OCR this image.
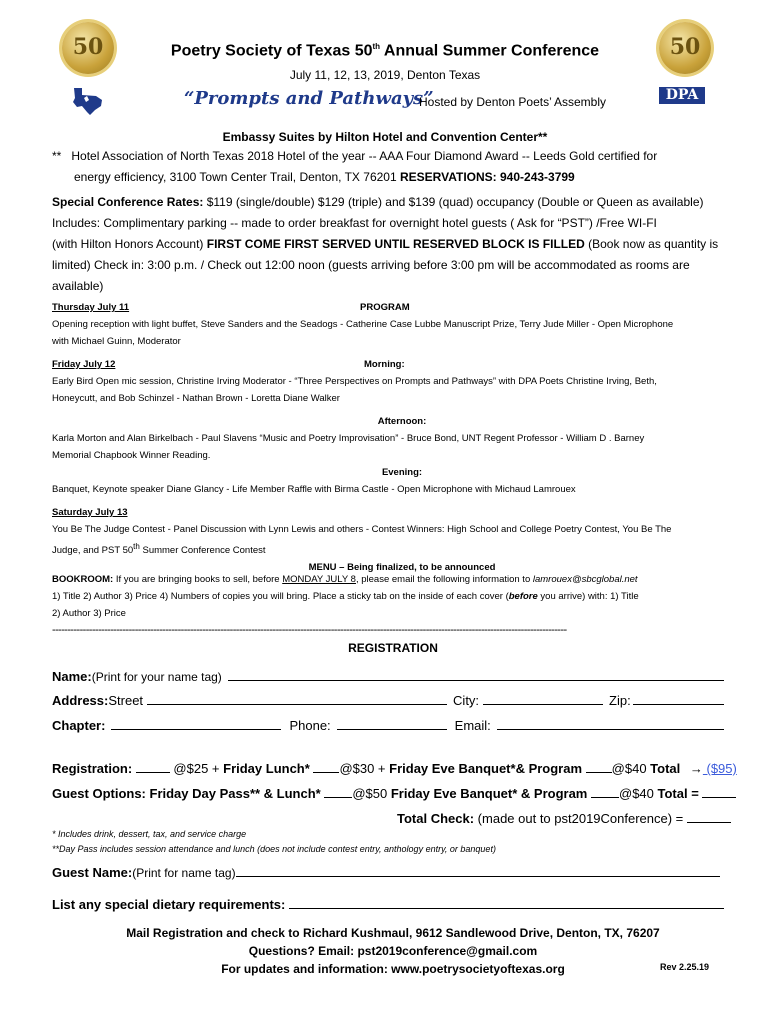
50	50
DPA
Poetry Society of Texas 50th Annual Summer Conference
July 11, 12, 13, 2019, Denton Texas
“Prompts and Pathways”
Hosted by Denton Poets’ Assembly
Embassy Suites by Hilton Hotel and Convention Center**
** Hotel Association of North Texas 2018 Hotel of the year -- AAA Four Diamond Award -- Leeds Gold certified for
energy efficiency, 3100 Town Center Trail, Denton, TX 76201 RESERVATIONS: 940-243-3799
Special Conference Rates: $119 (single/double) $129 (triple) and $139 (quad) occupancy (Double or Queen as available)
Includes: Complimentary parking -- made to order breakfast for overnight hotel guests ( Ask for “PST”) /Free WI-FI
(with Hilton Honors Account) FIRST COME FIRST SERVED UNTIL RESERVED BLOCK IS FILLED (Book now as quantity is
limited) Check in: 3:00 p.m. / Check out 12:00 noon (guests arriving before 3:00 pm will be accommodated as rooms are
available)
Thursday July 11	PROGRAM
Opening reception with light buffet, Steve Sanders and the Seadogs - Catherine Case Lubbe Manuscript Prize, Terry Jude Miller - Open Microphone
with Michael Guinn, Moderator
Friday July 12	Morning:
Early Bird Open mic session, Christine Irving Moderator - “Three Perspectives on Prompts and Pathways” with DPA Poets Christine Irving, Beth,
Honeycutt, and Bob Schinzel - Nathan Brown - Loretta Diane Walker
Afternoon:
Karla Morton and Alan Birkelbach - Paul Slavens “Music and Poetry Improvisation” - Bruce Bond, UNT Regent Professor - William D . Barney
Memorial Chapbook Winner Reading.
Evening:
Banquet, Keynote speaker Diane Glancy - Life Member Raffle with Birma Castle - Open Microphone with Michaud Lamrouex
Saturday July 13
You Be The Judge Contest - Panel Discussion with Lynn Lewis and others - Contest Winners: High School and College Poetry Contest, You Be The
Judge, and PST 50th Summer Conference Contest
MENU – Being finalized, to be announced
BOOKROOM: If you are bringing books to sell, before MONDAY JULY 8, please email the following information to lamrouex@sbcglobal.net
1) Title 2) Author 3) Price 4) Numbers of copies you will bring. Place a sticky tab on the inside of each cover (before you arrive) with: 1) Title
2) Author 3) Price
------------------------------------------------------------------------------------------------------------------------------------------------------------------------
REGISTRATION
Name: (Print for your name tag)
Address: Street	City:	Zip:
Chapter:	Phone:	Email:
Registration:	@$25 + Friday Lunch* @$30 + Friday Eve Banquet*& Program @$40 Total → ($95)
Guest Options: Friday Day Pass** & Lunch* @$50 Friday Eve Banquet* & Program @$40 Total =
Total Check: (made out to pst2019Conference) =
* Includes drink, dessert, tax, and service charge
**Day Pass includes session attendance and lunch (does not include contest entry, anthology entry, or banquet)
Guest Name: (Print for name tag)
List any special dietary requirements:
Mail Registration and check to Richard Kushmaul, 9612 Sandlewood Drive, Denton, TX, 76207
Questions? Email: pst2019conference@gmail.com
For updates and information: www.poetrysocietyoftexas.org	Rev 2.25.19
